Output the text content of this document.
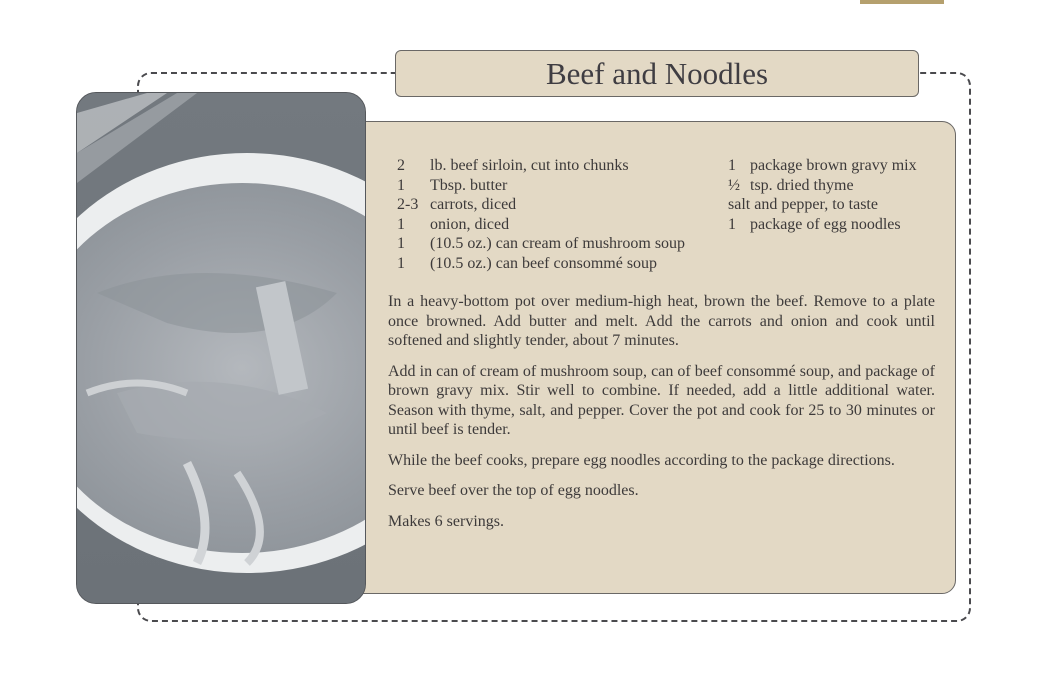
Beef and Noodles
2	lb. beef sirloin, cut into chunks
1	Tbsp. butter
2-3 carrots, diced
1	onion, diced
1	(10.5 oz.) can cream of mushroom soup
1	(10.5 oz.) can beef consommé soup
1 package brown gravy mix
½ tsp. dried thyme
salt and pepper, to taste
1 package of egg noodles

In a heavy-bottom pot over medium-high heat, brown the beef. Remove to a plate once browned. Add butter and melt. Add the carrots and onion and cook until softened and slightly tender, about 7 minutes.

Add in can of cream of mushroom soup, can of beef consommé soup, and package of brown gravy mix. Stir well to combine. If needed, add a little additional water. Season with thyme, salt, and pepper. Cover the pot and cook for 25 to 30 minutes or until beef is tender.

While the beef cooks, prepare egg noodles according to the package directions.

Serve beef over the top of egg noodles.

Makes 6 servings.
